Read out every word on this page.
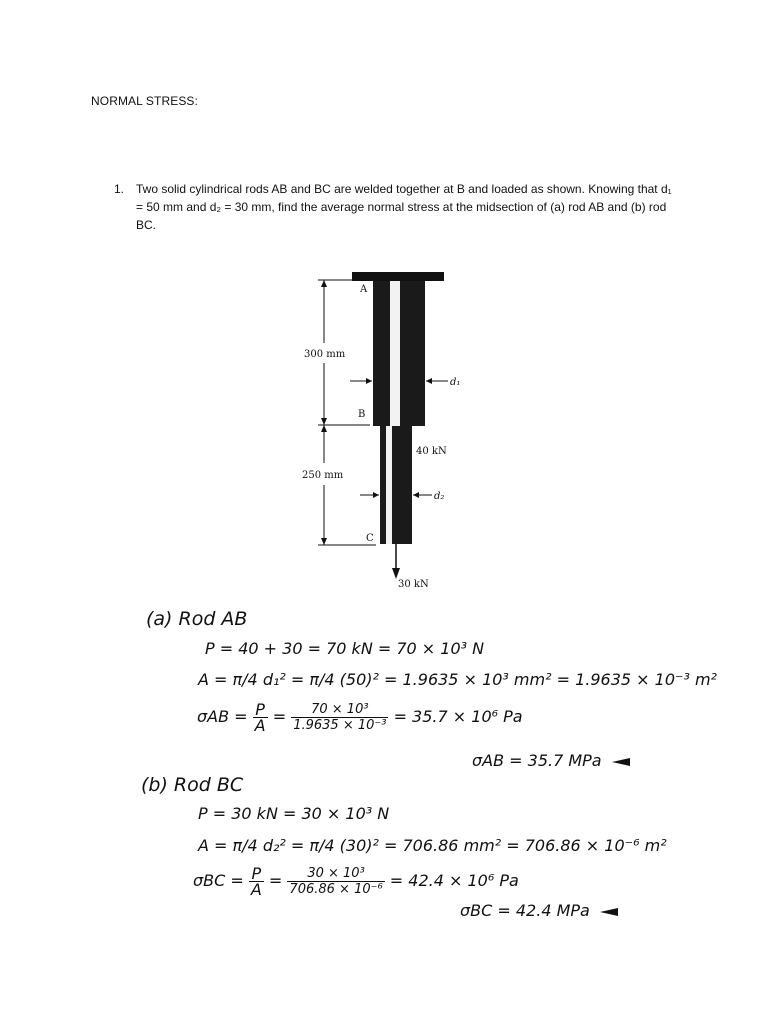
NORMAL STRESS:
1. Two solid cylindrical rods AB and BC are welded together at B and loaded as shown. Knowing that d₁ = 50 mm and d₂ = 30 mm, find the average normal stress at the midsection of (a) rod AB and (b) rod BC.
A
B
C
300 mm
250 mm
d₁
d₂
40 kN
30 kN
(a) Rod AB
P = 40 + 30 = 70 kN = 70 × 10³ N
A = π/4 d₁² = π/4 (50)² = 1.9635 × 10³ mm² = 1.9635 × 10⁻³ m²
$\sigma AB = \frac{P}{A} = \frac{\text{70 × 10³}}{\text{1.9635 × 10⁻³}} = 35.7 \times 10^6$ Pa
σAB = 35.7 MPa
(b) Rod BC
P = 30 kN = 30 × 10³ N
A = π/4 d₂² = π/4 (30)² = 706.86 mm² = 706.86 × 10⁻⁶ m²
$\sigma BC = \frac{P}{A} = \frac{\text{30 × 10³}}{\text{706.86 × 10⁻⁶}} = 42.4 \times 10^6$ Pa
σBC = 42.4 MPa
